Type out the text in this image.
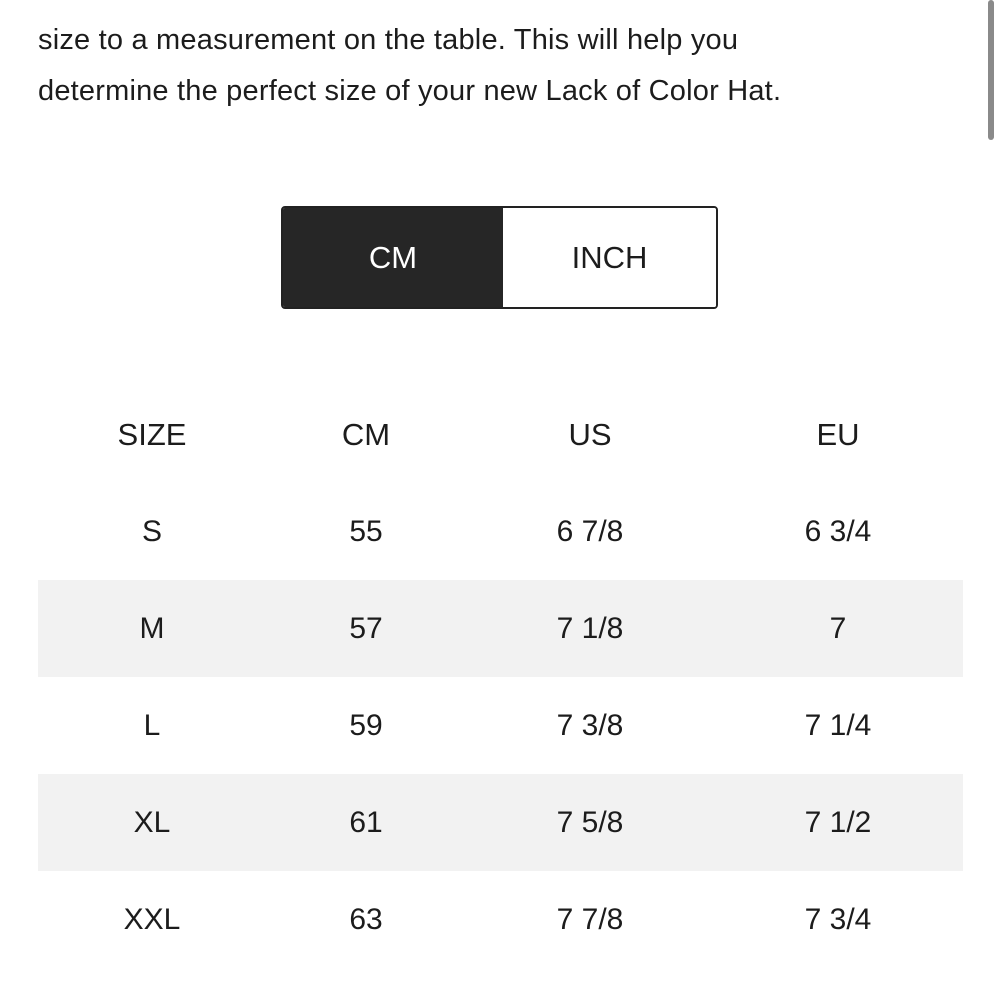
size to a measurement on the table. This will help you
determine the perfect size of your new Lack of Color Hat.

CM	INCH
SIZE	CM	US	EU
S	55	6 7/8	6 3/4
M	57	7 1/8	7
L	59	7 3/8	7 1/4
XL	61	7 5/8	7 1/2
XXL	63	7 7/8	7 3/4
